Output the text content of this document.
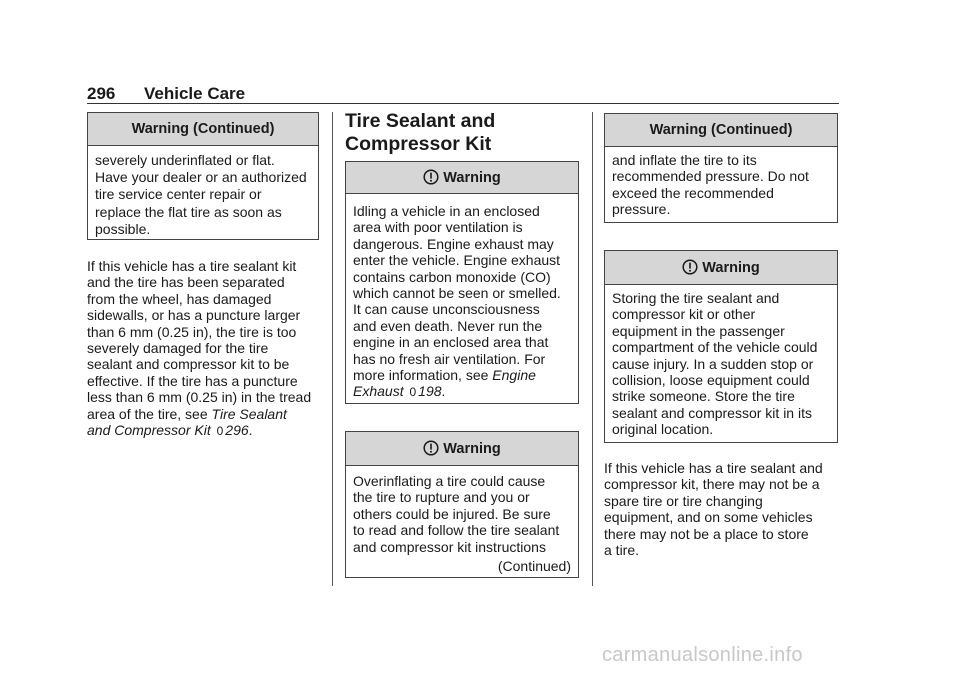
296 Vehicle Care
Warning (Continued)
severely underinflated or flat.
Have your dealer or an authorized
tire service center repair or
replace the flat tire as soon as
possible.
If this vehicle has a tire sealant kit
and the tire has been separated
from the wheel, has damaged
sidewalls, or has a puncture larger
than 6 mm (0.25 in), the tire is too
severely damaged for the tire
sealant and compressor kit to be
effective. If the tire has a puncture
less than 6 mm (0.25 in) in the tread
area of the tire, see Tire Sealant
and Compressor Kit 0 296.
Tire Sealant and
Compressor Kit
Warning
Idling a vehicle in an enclosed
area with poor ventilation is
dangerous. Engine exhaust may
enter the vehicle. Engine exhaust
contains carbon monoxide (CO)
which cannot be seen or smelled.
It can cause unconsciousness
and even death. Never run the
engine in an enclosed area that
has no fresh air ventilation. For
more information, see Engine
Exhaust 0 198.
Warning
Overinflating a tire could cause
the tire to rupture and you or
others could be injured. Be sure
to read and follow the tire sealant
and compressor kit instructions
(Continued)
Warning (Continued)
and inflate the tire to its
recommended pressure. Do not
exceed the recommended
pressure.
Warning
Storing the tire sealant and
compressor kit or other
equipment in the passenger
compartment of the vehicle could
cause injury. In a sudden stop or
collision, loose equipment could
strike someone. Store the tire
sealant and compressor kit in its
original location.
If this vehicle has a tire sealant and
compressor kit, there may not be a
spare tire or tire changing
equipment, and on some vehicles
there may not be a place to store
a tire.
carmanualsonline.info
